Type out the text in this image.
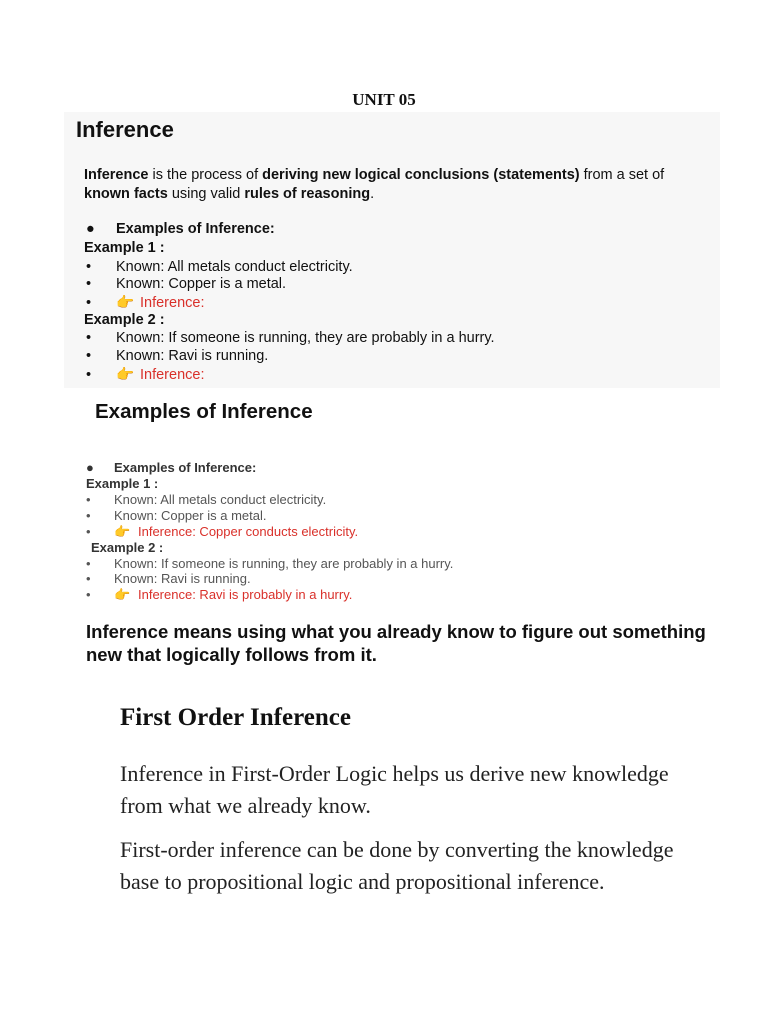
UNIT 05
Inference
Inference is the process of deriving new logical conclusions (statements) from a set of known facts using valid rules of reasoning.
● Examples of Inference:
Example 1 :
• Known: All metals conduct electricity.
• Known: Copper is a metal.
• 👉 Inference:
Example 2 :
• Known: If someone is running, they are probably in a hurry.
• Known: Ravi is running.
• 👉 Inference:
Examples of Inference
● Examples of Inference:
Example 1 :
• Known: All metals conduct electricity.
• Known: Copper is a metal.
• 👉 Inference: Copper conducts electricity.
Example 2 :
• Known: If someone is running, they are probably in a hurry.
• Known: Ravi is running.
• 👉 Inference: Ravi is probably in a hurry.
Inference means using what you already know to figure out something new that logically follows from it.
First Order Inference
Inference in First-Order Logic helps us derive new knowledge from what we already know.
First-order inference can be done by converting the knowledge base to propositional logic and propositional inference.
